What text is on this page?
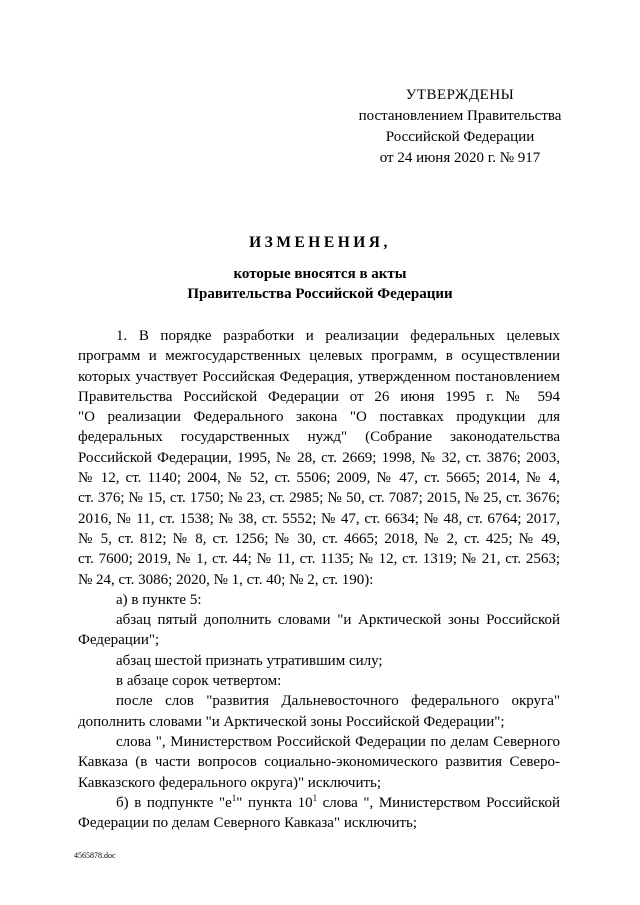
УТВЕРЖДЕНЫ
постановлением Правительства
Российской Федерации
от 24 июня 2020 г. № 917
ИЗМЕНЕНИЯ,
которые вносятся в акты
Правительства Российской Федерации
1. В порядке разработки и реализации федеральных целевых
программ и межгосударственных целевых программ, в осуществлении
которых участвует Российская Федерация, утвержденном постановлением
Правительства Российской Федерации от 26 июня 1995 г. № 594
"О реализации Федерального закона "О поставках продукции для
федеральных государственных нужд" (Собрание законодательства
Российской Федерации, 1995, № 28, ст. 2669; 1998, № 32, ст. 3876; 2003,
№ 12, ст. 1140; 2004, № 52, ст. 5506; 2009, № 47, ст. 5665; 2014, № 4,
ст. 376; № 15, ст. 1750; № 23, ст. 2985; № 50, ст. 7087; 2015, № 25, ст. 3676;
2016, № 11, ст. 1538; № 38, ст. 5552; № 47, ст. 6634; № 48, ст. 6764; 2017,
№ 5, ст. 812; № 8, ст. 1256; № 30, ст. 4665; 2018, № 2, ст. 425; № 49,
ст. 7600; 2019, № 1, ст. 44; № 11, ст. 1135; № 12, ст. 1319; № 21, ст. 2563;
№ 24, ст. 3086; 2020, № 1, ст. 40; № 2, ст. 190):
а) в пункте 5:
абзац пятый дополнить словами "и Арктической зоны Российской
Федерации";
абзац шестой признать утратившим силу;
в абзаце сорок четвертом:
после слов "развития Дальневосточного федерального округа"
дополнить словами "и Арктической зоны Российской Федерации";
слова ", Министерством Российской Федерации по делам Северного
Кавказа (в части вопросов социально-экономического развития Северо-
Кавказского федерального округа)" исключить;
б) в подпункте "$е^1$" пункта $10^1$ слова ", Министерством Российской
Федерации по делам Северного Кавказа" исключить;
4565878.doc
